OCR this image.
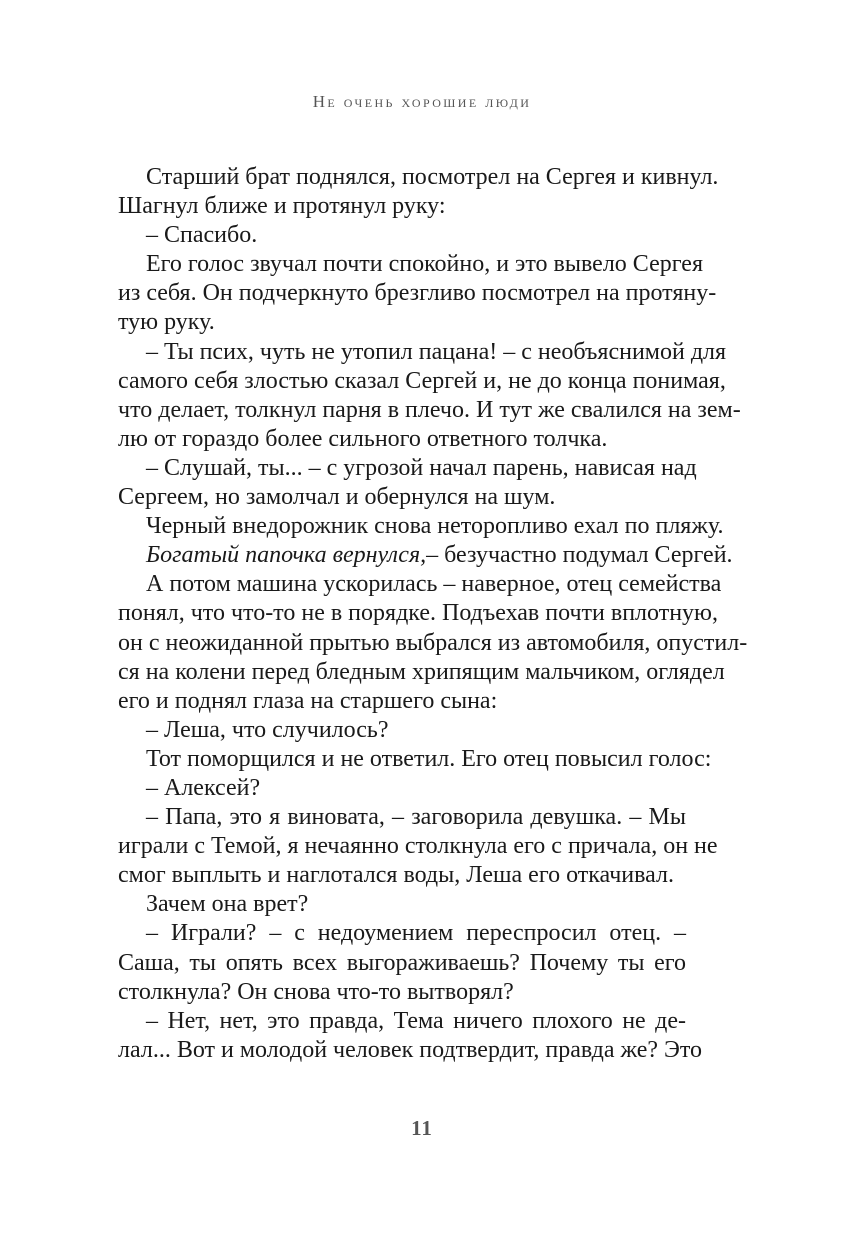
Не очень хорошие люди
Старший брат поднялся, посмотрел на Сергея и кивнул.
Шагнул ближе и протянул руку:
– Спасибо.
Его голос звучал почти спокойно, и это вывело Сергея
из себя. Он подчеркнуто брезгливо посмотрел на протяну-
тую руку.
– Ты псих, чуть не утопил пацана! – с необъяснимой для
самого себя злостью сказал Сергей и, не до конца понимая,
что делает, толкнул парня в плечо. И тут же свалился на зем-
лю от гораздо более сильного ответного толчка.
– Слушай, ты... – с угрозой начал парень, нависая над
Сергеем, но замолчал и обернулся на шум.
Черный внедорожник снова неторопливо ехал по пляжу.
Богатый папочка вернулся,– безучастно подумал Сергей.
А потом машина ускорилась – наверное, отец семейства
понял, что что-то не в порядке. Подъехав почти вплотную,
он с неожиданной прытью выбрался из автомобиля, опустил-
ся на колени перед бледным хрипящим мальчиком, оглядел
его и поднял глаза на старшего сына:
– Леша, что случилось?
Тот поморщился и не ответил. Его отец повысил голос:
– Алексей?
– Папа, это я виновата, – заговорила девушка. – Мы
играли с Темой, я нечаянно столкнула его с причала, он не
смог выплыть и наглотался воды, Леша его откачивал.
Зачем она врет?
– Играли? – с недоумением переспросил отец. –
Саша, ты опять всех выгораживаешь? Почему ты его
столкнула? Он снова что-то вытворял?
– Нет, нет, это правда, Тема ничего плохого не де-
лал... Вот и молодой человек подтвердит, правда же? Это
11
